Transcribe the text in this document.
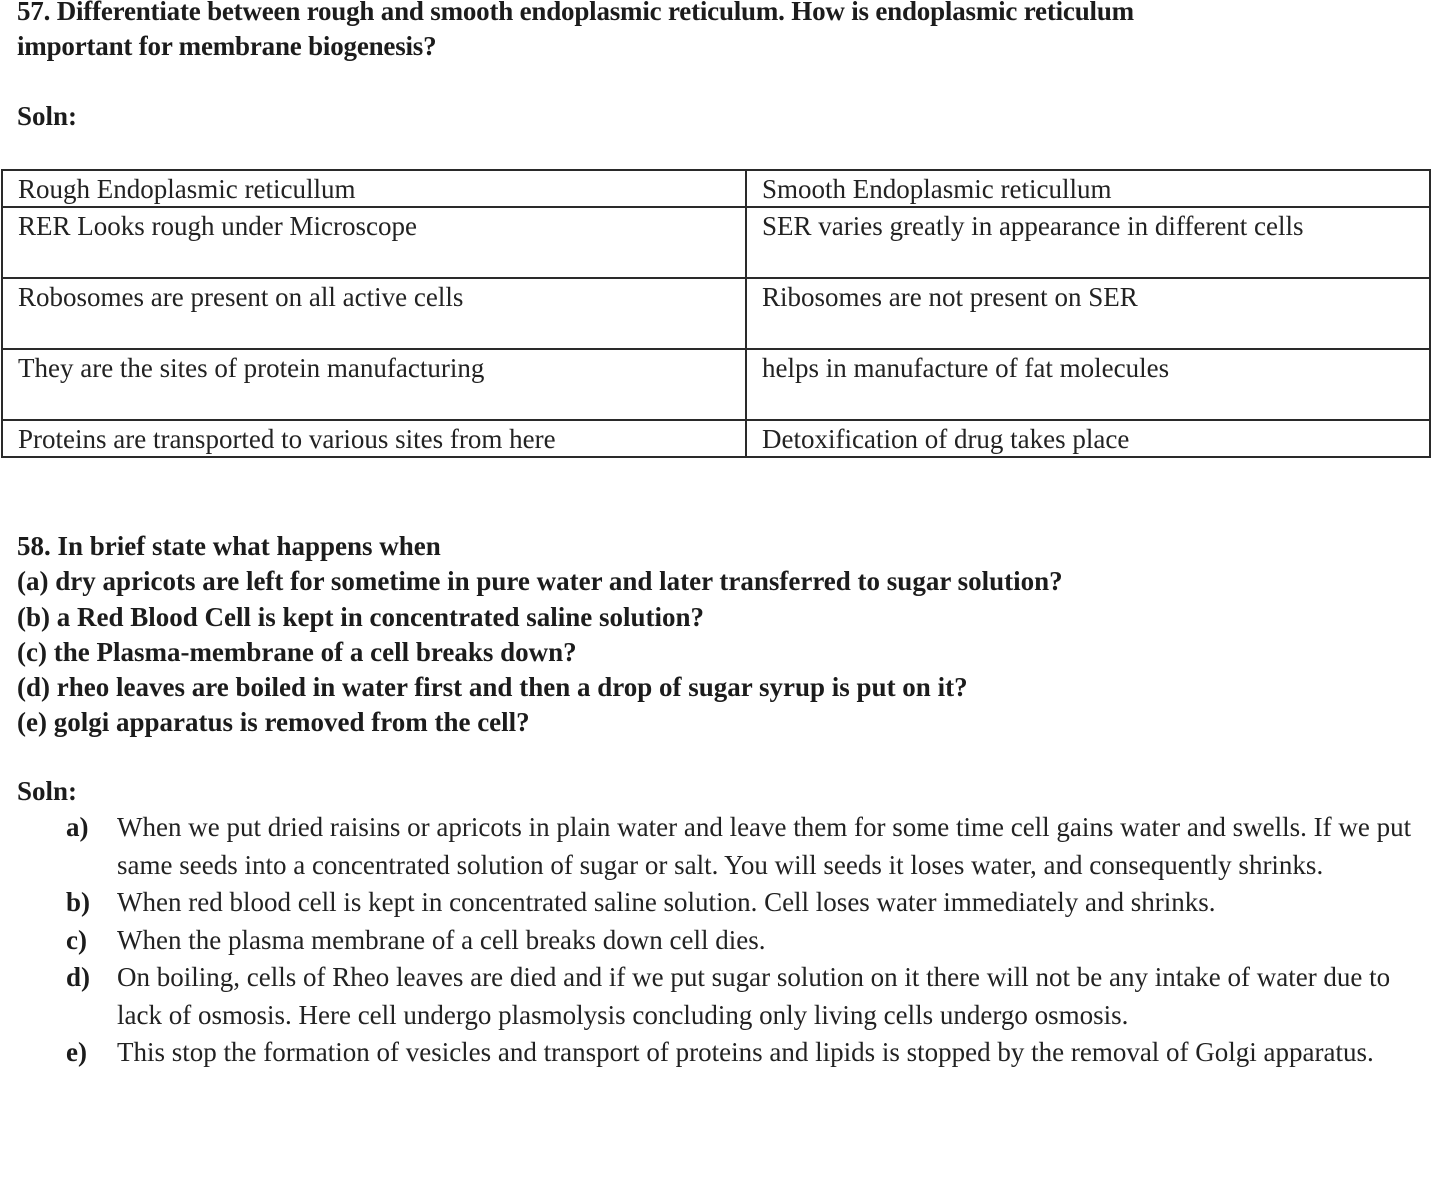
57. Differentiate between rough and smooth endoplasmic reticulum. How is endoplasmic reticulum

important for membrane biogenesis?

Soln:

Rough Endoplasmic reticullum	Smooth Endoplasmic reticullum
RER Looks rough under Microscope	SER varies greatly in appearance in different cells
Robosomes are present on all active cells	Ribosomes are not present on SER
They are the sites of protein manufacturing	helps in manufacture of fat molecules
Proteins are transported to various sites from here	Detoxification of drug takes place
58. In brief state what happens when
(a) dry apricots are left for sometime in pure water and later transferred to sugar solution?
(b) a Red Blood Cell is kept in concentrated saline solution?
(c) the Plasma-membrane of a cell breaks down?
(d) rheo leaves are boiled in water first and then a drop of sugar syrup is put on it?
(e) golgi apparatus is removed from the cell?

Soln:

a) When we put dried raisins or apricots in plain water and leave them for some time cell gains water and swells. If we put same seeds into a concentrated solution of sugar or salt. You will seeds it loses water, and consequently shrinks.
b) When red blood cell is kept in concentrated saline solution. Cell loses water immediately and shrinks.
c) When the plasma membrane of a cell breaks down cell dies.
d) On boiling, cells of Rheo leaves are died and if we put sugar solution on it there will not be any intake of water due to lack of osmosis. Here cell undergo plasmolysis concluding only living cells undergo osmosis.
e) This stop the formation of vesicles and transport of proteins and lipids is stopped by the removal of Golgi apparatus.
